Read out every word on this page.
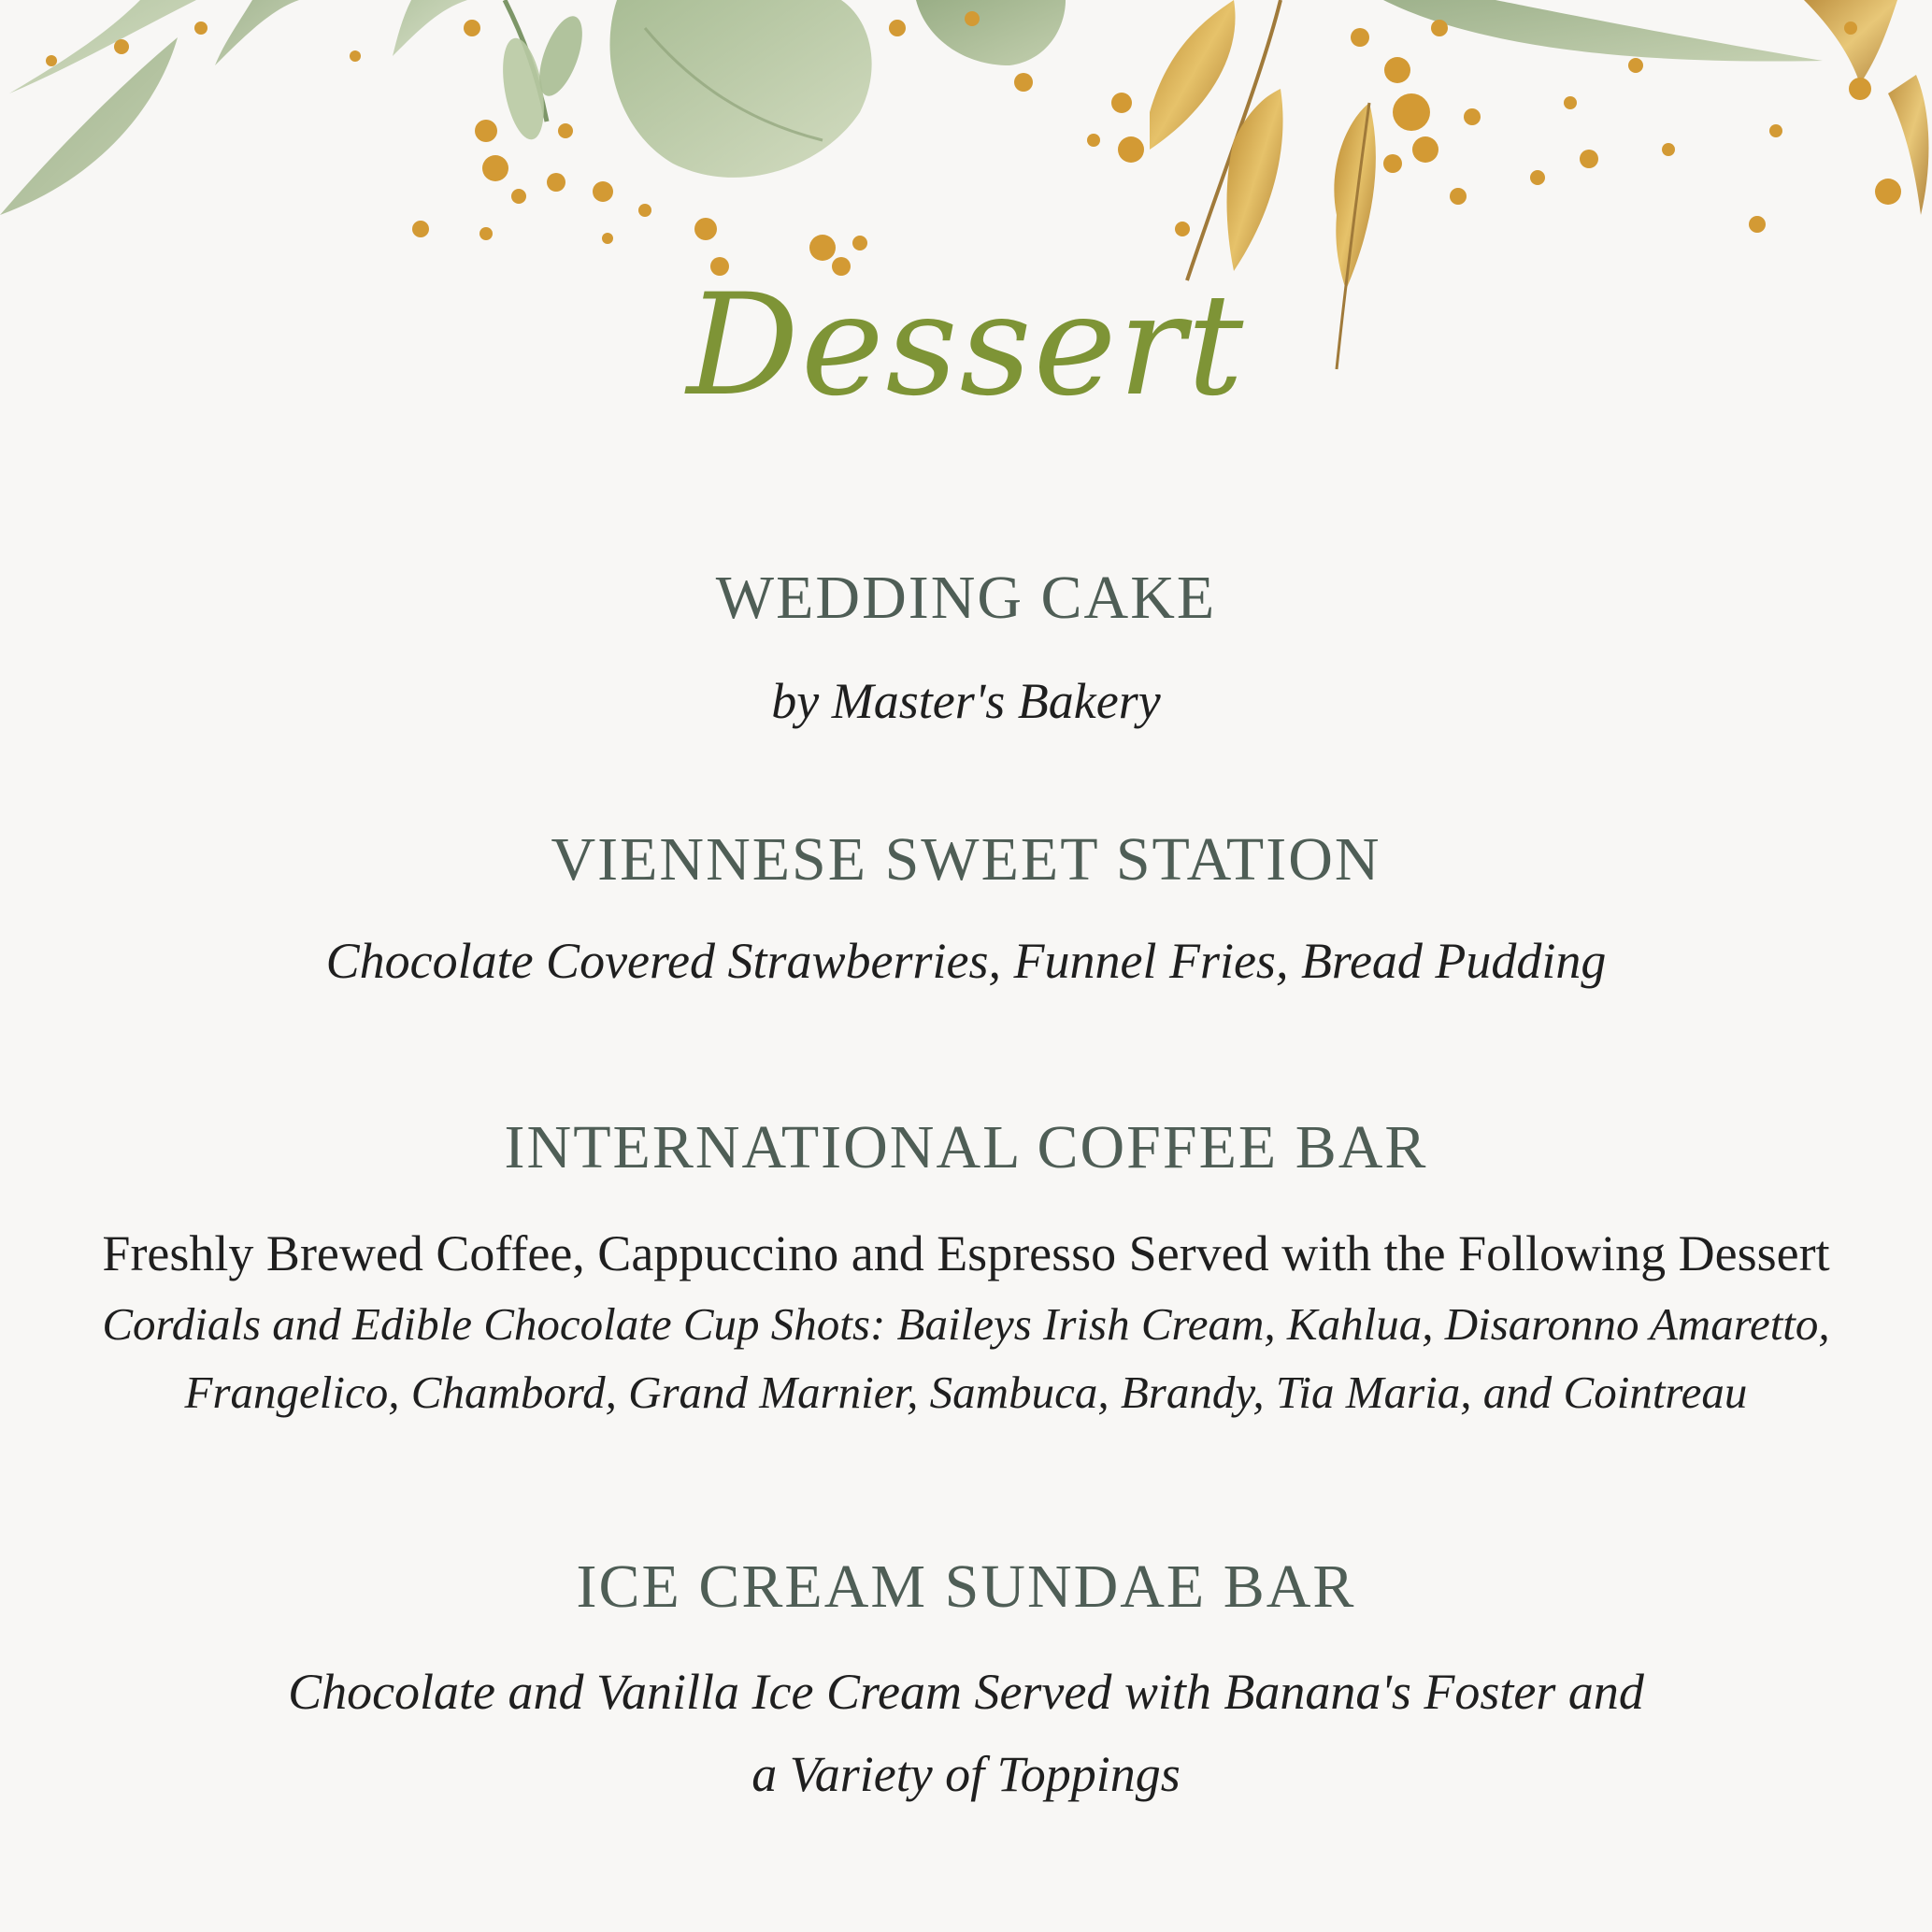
Dessert
WEDDING CAKE
by Master's Bakery
VIENNESE SWEET STATION
Chocolate Covered Strawberries, Funnel Fries, Bread Pudding
INTERNATIONAL COFFEE BAR
Freshly Brewed Coffee, Cappuccino and Espresso Served with the Following Dessert
Cordials and Edible Chocolate Cup Shots: Baileys Irish Cream, Kahlua, Disaronno Amaretto,
Frangelico, Chambord, Grand Marnier, Sambuca, Brandy, Tia Maria, and Cointreau
ICE CREAM SUNDAE BAR
Chocolate and Vanilla Ice Cream Served with Banana's Foster and
a Variety of Toppings
